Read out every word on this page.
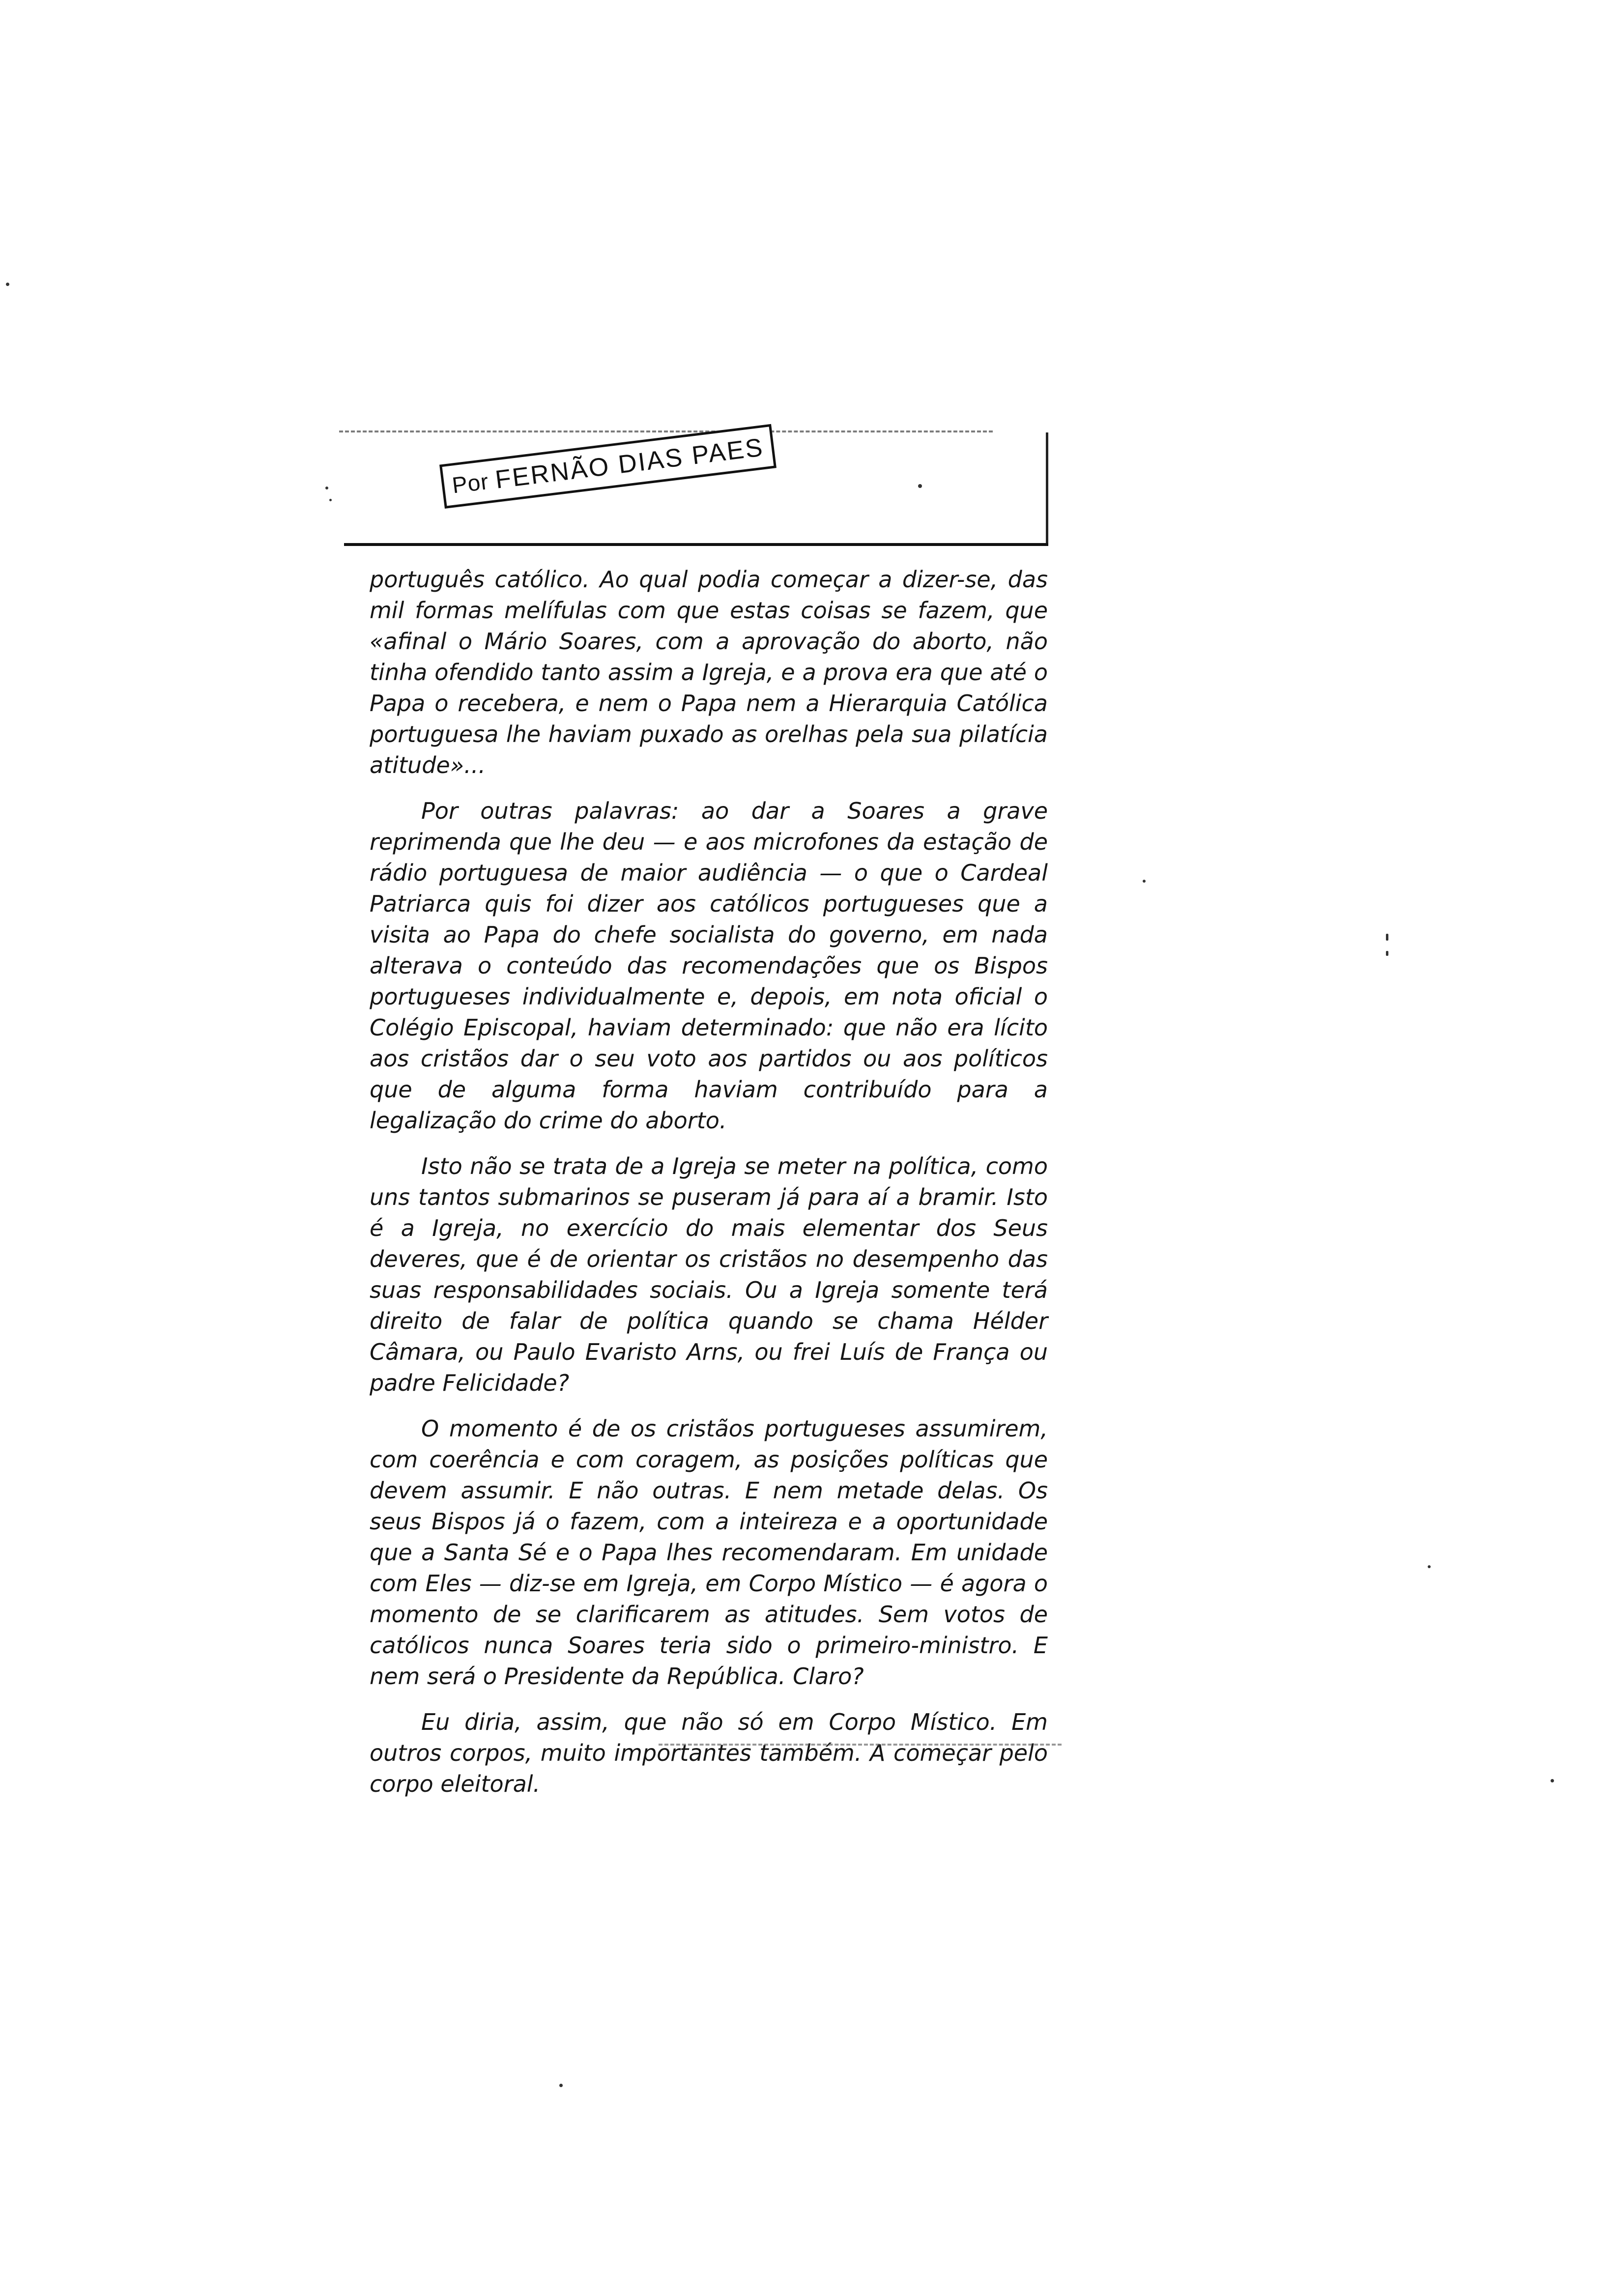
Por FERNÃO DIAS PAES

português católico. Ao qual podia começar a dizer-se, das mil formas melífulas com que estas coisas se fazem, que «afinal o Mário Soares, com a aprovação do aborto, não tinha ofendido tanto assim a Igreja, e a prova era que até o Papa o recebera, e nem o Papa nem a Hierarquia Católica portuguesa lhe haviam puxado as orelhas pela sua pilatícia atitude»...

Por outras palavras: ao dar a Soares a grave reprimenda que lhe deu — e aos microfones da estação de rádio portuguesa de maior audiência — o que o Cardeal Patriarca quis foi dizer aos católicos portugueses que a visita ao Papa do chefe socialista do governo, em nada alterava o conteúdo das recomendações que os Bispos portugueses individualmente e, depois, em nota oficial o Colégio Episcopal, haviam determinado: que não era lícito aos cristãos dar o seu voto aos partidos ou aos políticos que de alguma forma haviam contribuído para a legalização do crime do aborto.

Isto não se trata de a Igreja se meter na política, como uns tantos submarinos se puseram já para aí a bramir. Isto é a Igreja, no exercício do mais elementar dos Seus deveres, que é de orientar os cristãos no desempenho das suas responsabilidades sociais. Ou a Igreja somente terá direito de falar de política quando se chama Hélder Câmara, ou Paulo Evaristo Arns, ou frei Luís de França ou padre Felicidade?

O momento é de os cristãos portugueses assumirem, com coerência e com coragem, as posições políticas que devem assumir. E não outras. E nem metade delas. Os seus Bispos já o fazem, com a inteireza e a oportunidade que a Santa Sé e o Papa lhes recomendaram. Em unidade com Eles — diz-se em Igreja, em Corpo Místico — é agora o momento de se clarificarem as atitudes. Sem votos de católicos nunca Soares teria sido o primeiro-ministro. E nem será o Presidente da República. Claro?

Eu diria, assim, que não só em Corpo Místico. Em outros corpos, muito importantes também. A começar pelo corpo eleitoral.
